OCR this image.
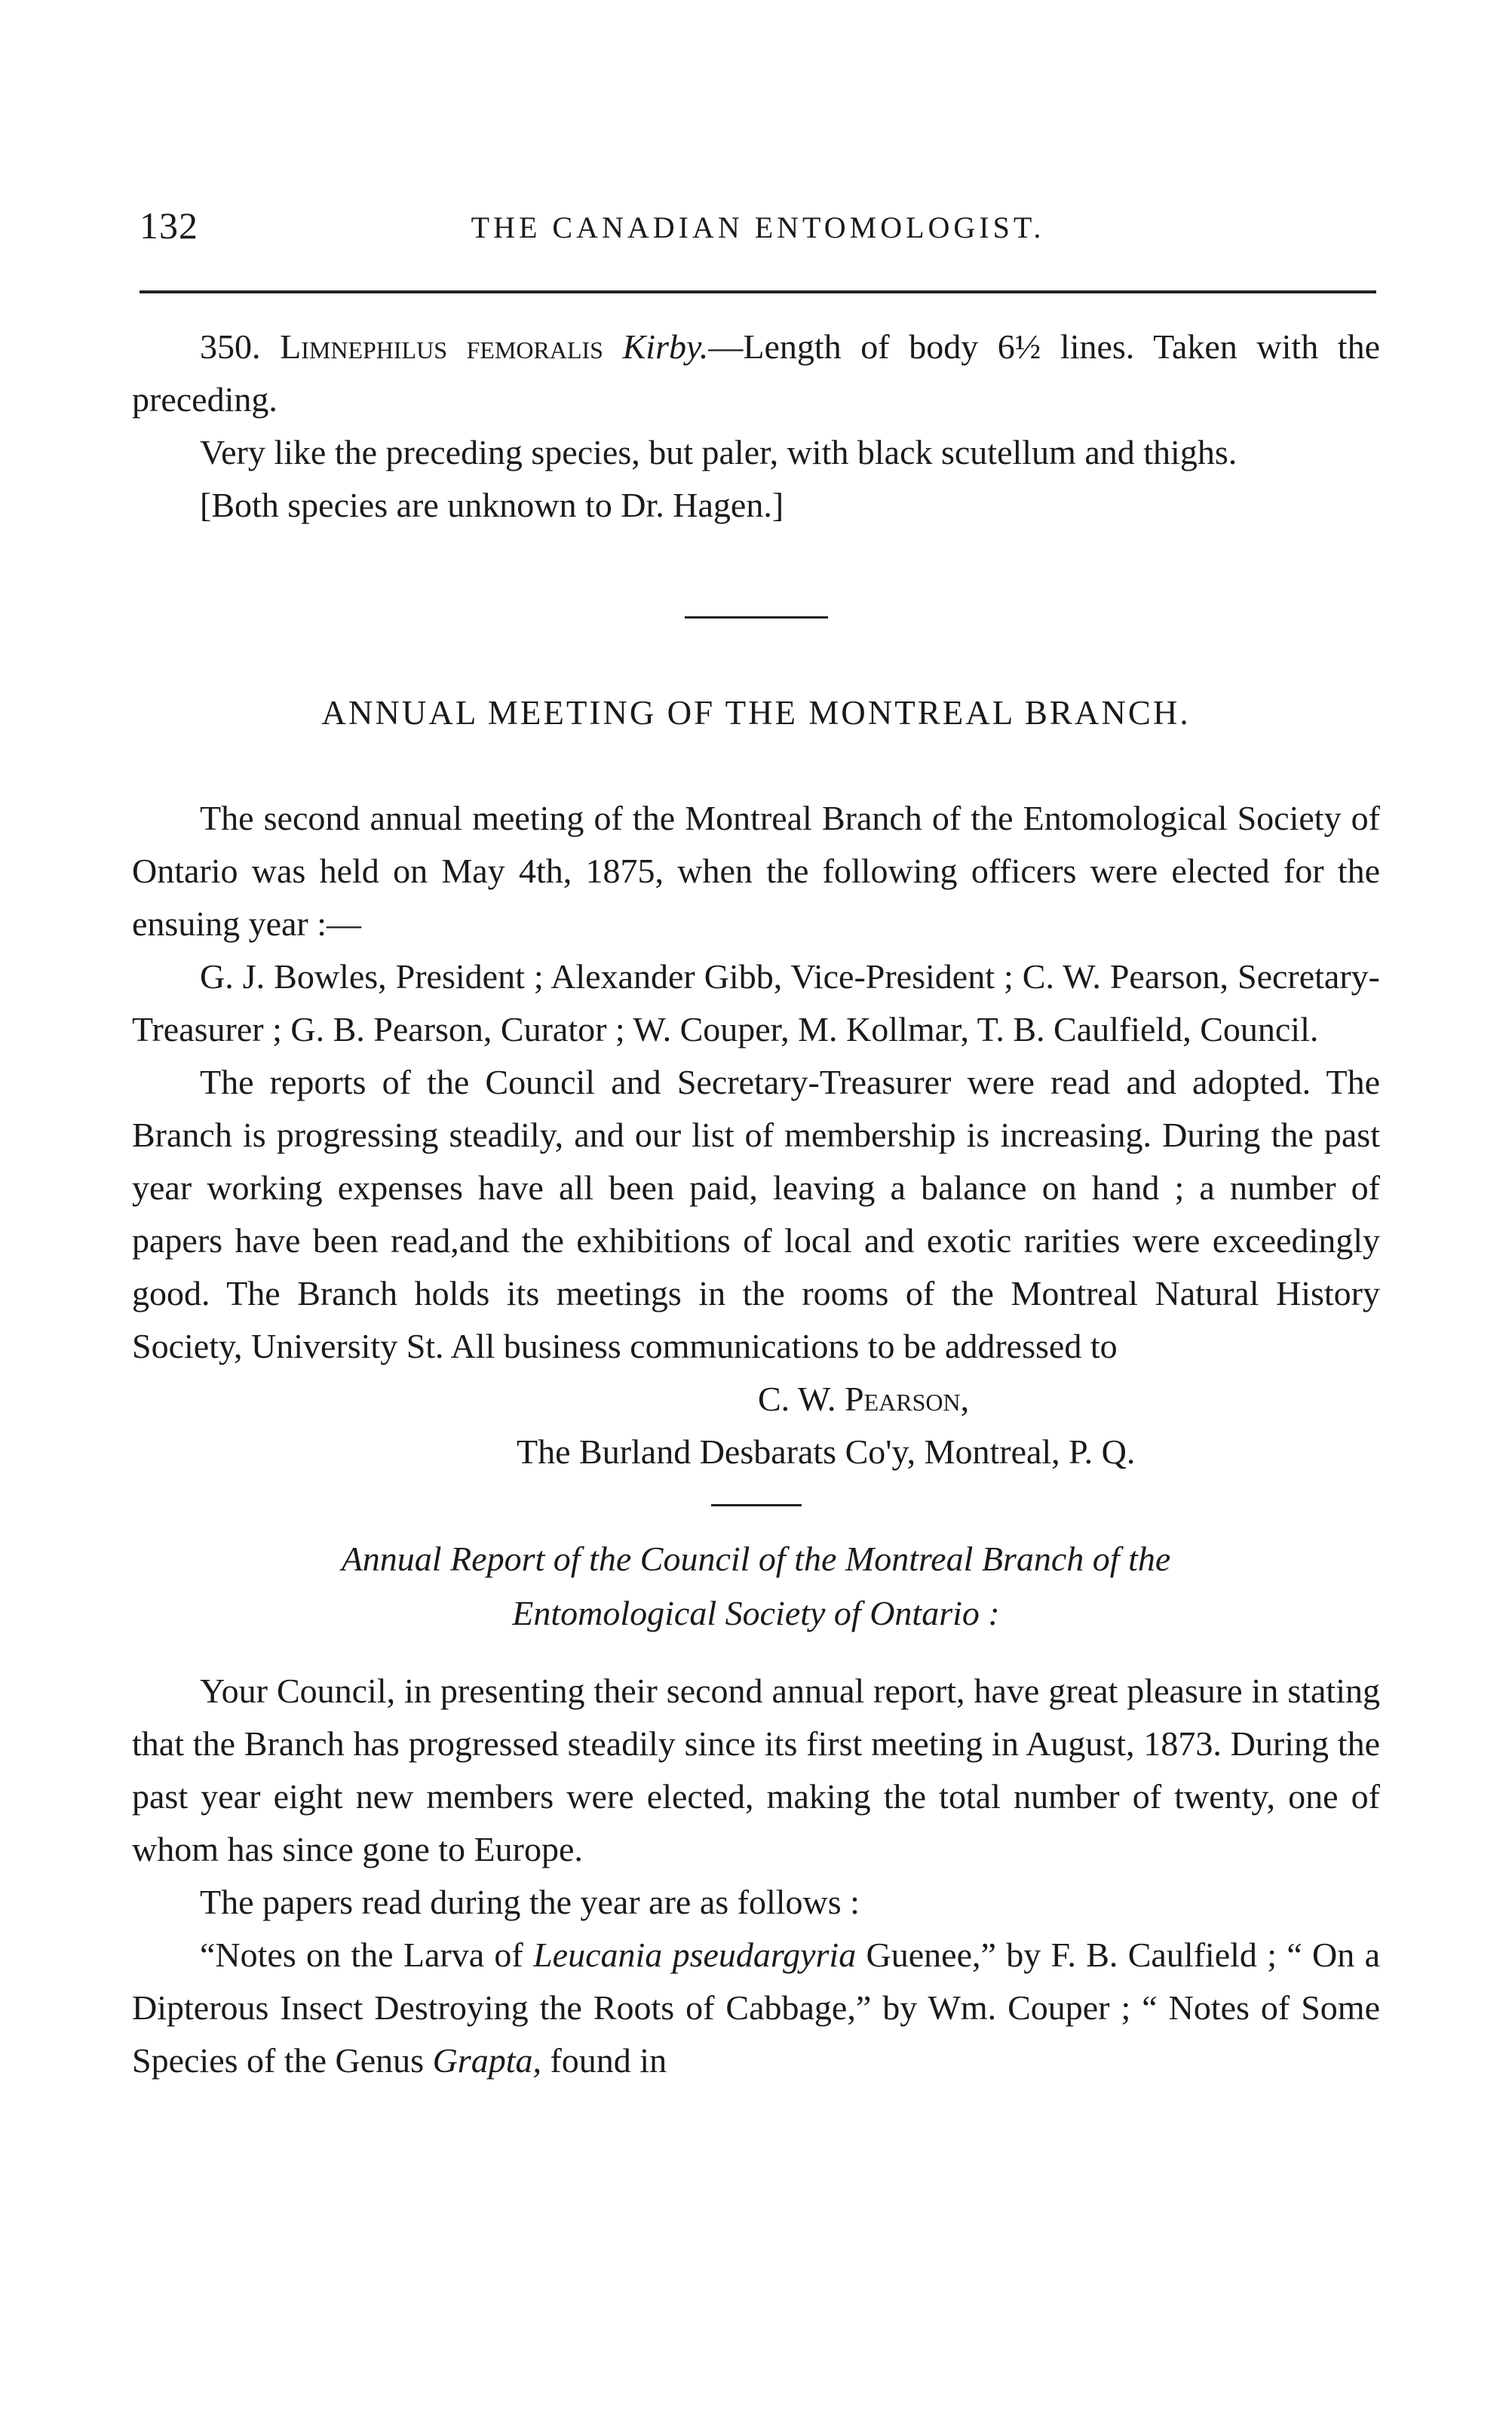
132	THE CANADIAN ENTOMOLOGIST.

350. Limnephilus femoralis Kirby.—Length of body 6½ lines. Taken with the preceding.

Very like the preceding species, but paler, with black scutellum and thighs.

[Both species are unknown to Dr. Hagen.]

ANNUAL MEETING OF THE MONTREAL BRANCH.

The second annual meeting of the Montreal Branch of the Entomological Society of Ontario was held on May 4th, 1875, when the following officers were elected for the ensuing year :—

G. J. Bowles, President ; Alexander Gibb, Vice-President ; C. W. Pearson, Secretary-Treasurer ; G. B. Pearson, Curator ; W. Couper, M. Kollmar, T. B. Caulfield, Council.

The reports of the Council and Secretary-Treasurer were read and adopted. The Branch is progressing steadily, and our list of membership is increasing. During the past year working expenses have all been paid, leaving a balance on hand ; a number of papers have been read,and the exhibitions of local and exotic rarities were exceedingly good. The Branch holds its meetings in the rooms of the Montreal Natural History Society, University St. All business communications to be addressed to

C. W. Pearson,

The Burland Desbarats Co'y, Montreal, P. Q.

Annual Report of the Council of the Montreal Branch of the
Entomological Society of Ontario :

Your Council, in presenting their second annual report, have great pleasure in stating that the Branch has progressed steadily since its first meeting in August, 1873. During the past year eight new members were elected, making the total number of twenty, one of whom has since gone to Europe.

The papers read during the year are as follows :

“Notes on the Larva of Leucania pseudargyria Guenee,” by F. B. Caulfield ; “ On a Dipterous Insect Destroying the Roots of Cabbage,” by Wm. Couper ; “ Notes of Some Species of the Genus Grapta, found in
